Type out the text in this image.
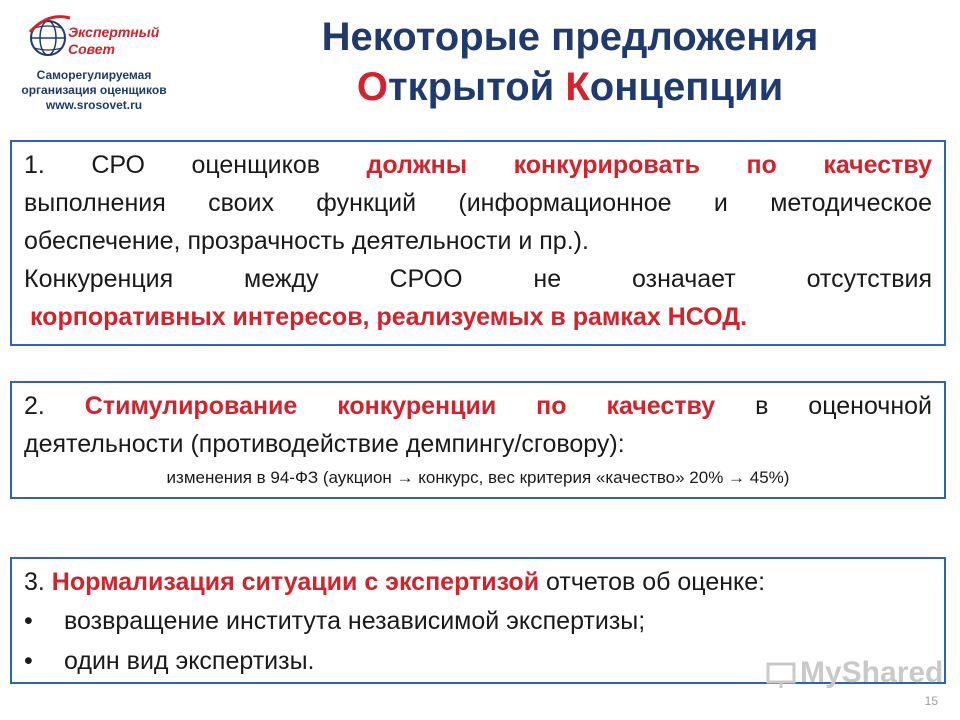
Экспертный
Совет
Саморегулируемая
организация оценщиков
www.srosovet.ru
Некоторые предложения
Открытой Концепции

1. СРО оценщиков должны конкурировать по качеству

выполнения своих функций (информационное и методическое

обеспечение, прозрачность деятельности и пр.).

Конкуренция между СРОО не означает отсутствия

корпоративных интересов, реализуемых в рамках НСОД.

2. Стимулирование конкуренции по качеству в оценочной

деятельности (противодействие демпингу/сговору):

изменения в 94-ФЗ (аукцион → конкурс, вес критерия «качество» 20% → 45%)

3. Нормализация ситуации с экспертизой отчетов об оценке:

•	возвращение института независимой экспертизы;
•	один вид экспертизы.	MyShared
15
